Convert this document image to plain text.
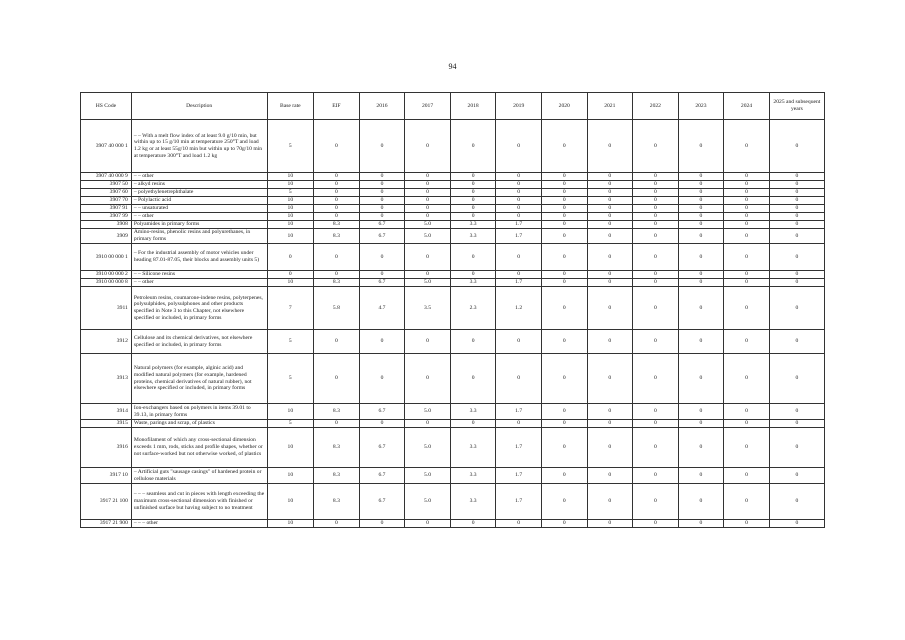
94
HS Code	Description	Base rate	EIF	2016	2017	2018	2019	2020	2021	2022	2023	2024	2025 and subsequent years
3907 40 000 1	– – With a melt flow index of at least 9.0 g/10 min, but within up to 15 g/10 min at temperature 250°T and load 1.2 kg or at least 55g/10 min but within up to 70g/10 min at temperature 300°T and load 1.2 kg	5	0	0	0	0	0	0	0	0	0	0	0
3907 40 000 9	– – other	10	0	0	0	0	0	0	0	0	0	0	0
3907 50	– alkyd resins	10	0	0	0	0	0	0	0	0	0	0	0
3907 60	– polyethylenetrephthalate	5	0	0	0	0	0	0	0	0	0	0	0
3907 70	– Polylactic acid	10	0	0	0	0	0	0	0	0	0	0	0
3907 91	– – unsaturated	10	0	0	0	0	0	0	0	0	0	0	0
3907 99	– – other	10	0	0	0	0	0	0	0	0	0	0	0
3908	Polyamides in primary forms	10	8.3	6.7	5.0	3.3	1.7	0	0	0	0	0	0
3909	Amino-resins, phenolic resins and polyurethanes, in primary forms	10	8.3	6.7	5.0	3.3	1.7	0	0	0	0	0	0
3910 00 000 1	– For the industrial assembly of motor vehicles under heading 87.01-87.05, their blocks and assembly units 5)	0	0	0	0	0	0	0	0	0	0	0	0
3910 00 000 2	– – Silicone resins	0	0	0	0	0	0	0	0	0	0	0	0
3910 00 000 8	– – other	10	8.3	6.7	5.0	3.3	1.7	0	0	0	0	0	0
3911	Petroleum resins, coumarone-indene resins, polyterpenes, polysulphides, polysulphones and other products specified in Note 3 to this Chapter, not elsewhere specified or included, in primary forms	7	5.8	4.7	3.5	2.3	1.2	0	0	0	0	0	0
3912	Cellulose and its chemical derivatives, not elsewhere specified or included, in primary forms	5	0	0	0	0	0	0	0	0	0	0	0
3913	Natural polymers (for example, alginic acid) and modified natural polymers (for example, hardened proteins, chemical derivatives of natural rubber), not elsewhere specified or included, in primary forms	5	0	0	0	0	0	0	0	0	0	0	0
3914	Ion-exchangers based on polymers in items 39.01 to 39.13, in primary forms	10	8.3	6.7	5.0	3.3	1.7	0	0	0	0	0	0
3915	Waste, parings and scrap, of plastics	5	0	0	0	0	0	0	0	0	0	0	0
3916	Monofilament of which any cross-sectional dimension exceeds 1 mm, rods, sticks and profile shapes, whether or not surface-worked but not otherwise worked, of plastics	10	8.3	6.7	5.0	3.3	1.7	0	0	0	0	0	0
3917 10	– Artificial guts "sausage casings" of hardened protein or cellulose materials	10	8.3	6.7	5.0	3.3	1.7	0	0	0	0	0	0
3917 21 100	– – – seamless and cut in pieces with length exceeding the maximum cross-sectional dimension with finished or unfinished surface but having subject to no treatment	10	8.3	6.7	5.0	3.3	1.7	0	0	0	0	0	0
3917 21 900	– – – other	10	0	0	0	0	0	0	0	0	0	0	0
